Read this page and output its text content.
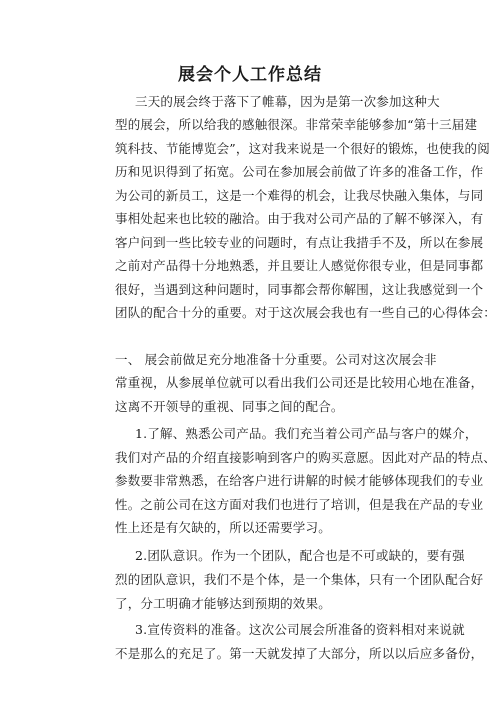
展会个人工作总结
三天的展会终于落下了帷幕，因为是第一次参加这种大
型的展会，所以给我的感触很深。非常荣幸能够参加“第十三届建
筑科技、节能博览会”，这对我来说是一个很好的锻炼，也使我的阅
历和见识得到了拓宽。公司在参加展会前做了许多的准备工作，作
为公司的新员工，这是一个难得的机会，让我尽快融入集体，与同
事相处起来也比较的融洽。由于我对公司产品的了解不够深入，有
客户问到一些比较专业的问题时，有点让我措手不及，所以在参展
之前对产品得十分地熟悉，并且要让人感觉你很专业，但是同事都
很好，当遇到这种问题时，同事都会帮你解围，这让我感觉到一个
团队的配合十分的重要。对于这次展会我也有一些自己的心得体会：
一、 展会前做足充分地准备十分重要。公司对这次展会非
常重视，从参展单位就可以看出我们公司还是比较用心地在准备，
这离不开领导的重视、同事之间的配合。
1.了解、熟悉公司产品。我们充当着公司产品与客户的媒介，
我们对产品的介绍直接影响到客户的购买意愿。因此对产品的特点、
参数要非常熟悉，在给客户进行讲解的时候才能够体现我们的专业
性。之前公司在这方面对我们也进行了培训，但是我在产品的专业
性上还是有欠缺的，所以还需要学习。
2.团队意识。作为一个团队，配合也是不可或缺的，要有强
烈的团队意识，我们不是个体，是一个集体，只有一个团队配合好
了，分工明确才能够达到预期的效果。
3.宣传资料的准备。这次公司展会所准备的资料相对来说就
不是那么的充足了。第一天就发掉了大部分，所以以后应多备份，
